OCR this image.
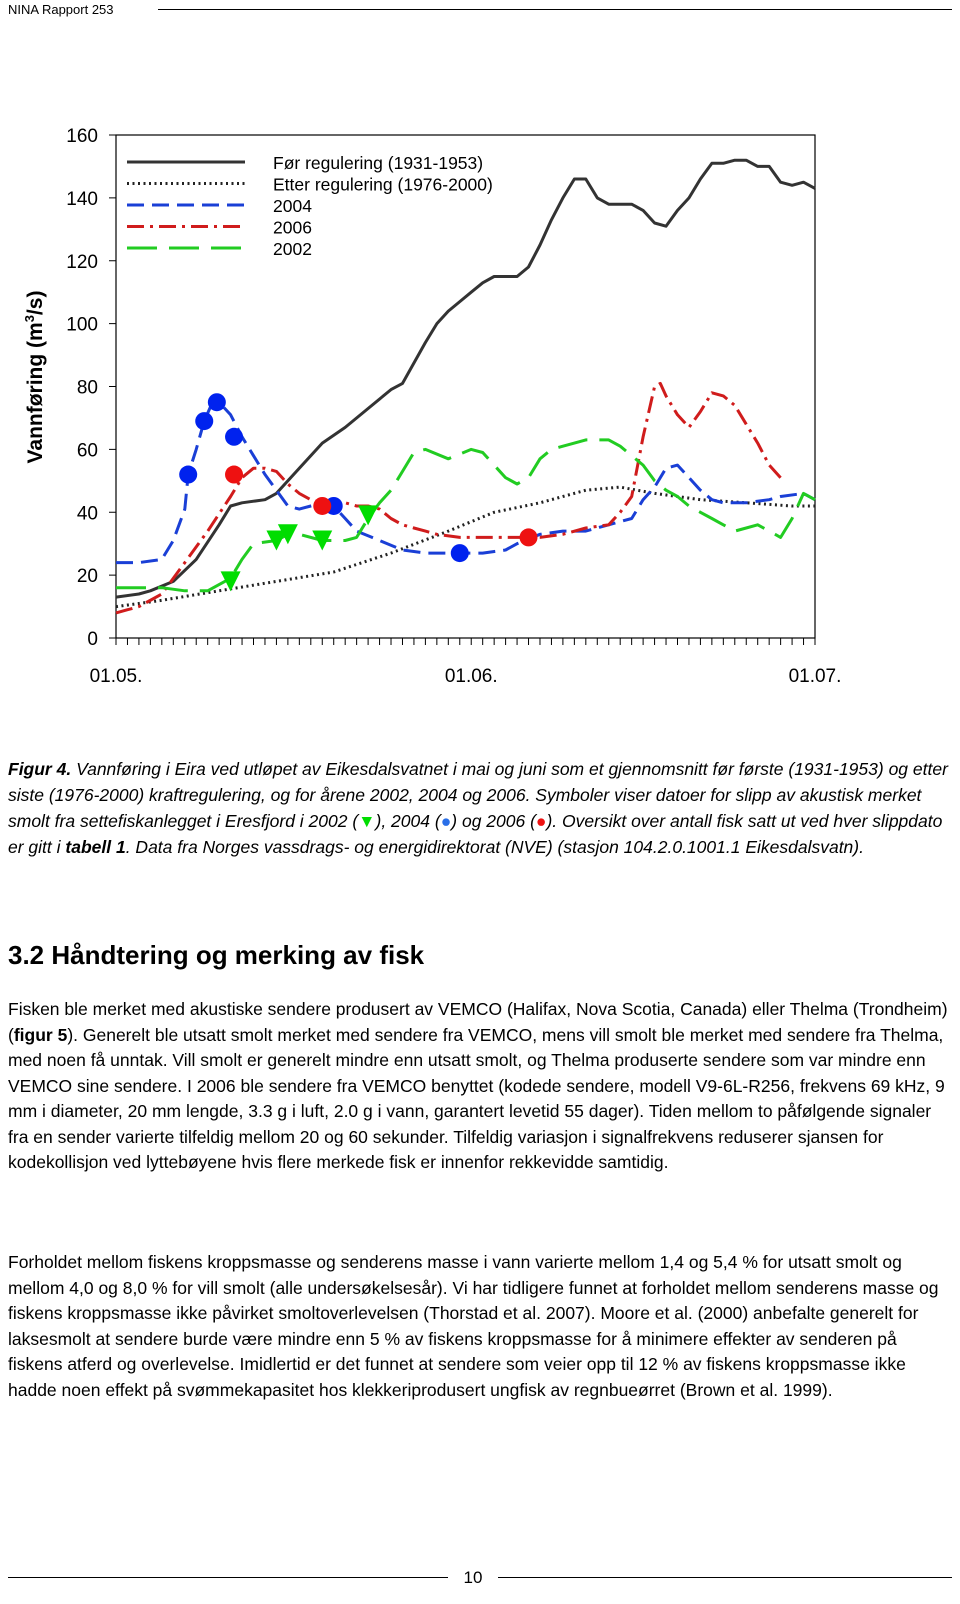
NINA Rapport 253
Vannføring $(m^3/s)$
0
20
40
60
80
100
120
140
160
01.05.	01.06.	01.07.
Før regulering (1931-1953)
Etter regulering (1976-2000)
2004
2006
2002
Figur 4. Vannføring i Eira ved utløpet av Eikesdalsvatnet i mai og juni som et gjennomsnitt før første (1931-1953) og etter siste (1976-2000) kraftregulering, og for årene 2002, 2004 og 2006. Symboler viser datoer for slipp av akustisk merket smolt fra settefiskanlegget i Eresfjord i 2002 (▼), 2004 (●) og 2006 (●). Oversikt over antall fisk satt ut ved hver slippdato er gitt i tabell 1. Data fra Norges vassdrags- og energidirektorat (NVE) (stasjon 104.2.0.1001.1 Eikesdalsvatn).
3.2 Håndtering og merking av fisk
Fisken ble merket med akustiske sendere produsert av VEMCO (Halifax, Nova Scotia, Canada) eller Thelma (Trondheim) (figur 5). Generelt ble utsatt smolt merket med sendere fra VEMCO, mens vill smolt ble merket med sendere fra Thelma, med noen få unntak. Vill smolt er generelt mindre enn utsatt smolt, og Thelma produserte sendere som var mindre enn VEMCO sine sendere. I 2006 ble sendere fra VEMCO benyttet (kodede sendere, modell V9-6L-R256, frekvens 69 kHz, 9 mm i diameter, 20 mm lengde, 3.3 g i luft, 2.0 g i vann, garantert levetid 55 dager). Tiden mellom to påfølgende signaler fra en sender varierte tilfeldig mellom 20 og 60 sekunder. Tilfeldig variasjon i signalfrekvens reduserer sjansen for kodekollisjon ved lyttebøyene hvis flere merkede fisk er innenfor rekkevidde samtidig.
Forholdet mellom fiskens kroppsmasse og senderens masse i vann varierte mellom 1,4 og 5,4 % for utsatt smolt og mellom 4,0 og 8,0 % for vill smolt (alle undersøkelsesår). Vi har tidligere funnet at forholdet mellom senderens masse og fiskens kroppsmasse ikke påvirket smoltoverlevelsen (Thorstad et al. 2007). Moore et al. (2000) anbefalte generelt for laksesmolt at sendere burde være mindre enn 5 % av fiskens kroppsmasse for å minimere effekter av senderen på fiskens atferd og overlevelse. Imidlertid er det funnet at sendere som veier opp til 12 % av fiskens kroppsmasse ikke hadde noen effekt på svømmekapasitet hos klekkeriprodusert ungfisk av regnbueørret (Brown et al. 1999).
10
